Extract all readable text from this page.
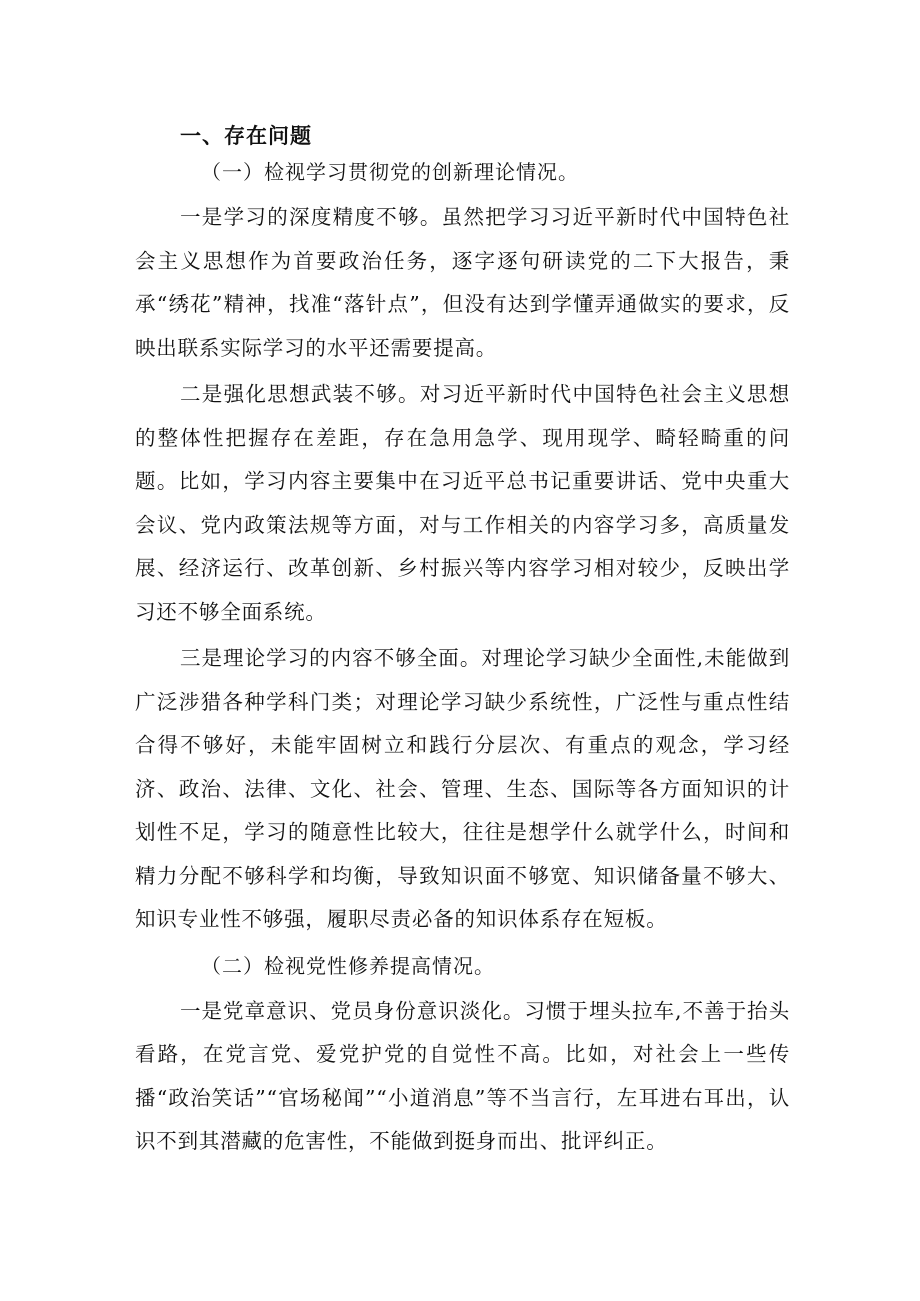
一、存在问题
（一）检视学习贯彻党的创新理论情况。

一是学习的深度精度不够。虽然把学习习近平新时代中国特色社会主义思想作为首要政治任务，逐字逐句研读党的二下大报告，秉承“绣花”精神，找准“落针点”，但没有达到学懂弄通做实的要求，反映出联系实际学习的水平还需要提高。

二是强化思想武装不够。对习近平新时代中国特色社会主义思想的整体性把握存在差距，存在急用急学、现用现学、畸轻畸重的问题。比如，学习内容主要集中在习近平总书记重要讲话、党中央重大会议、党内政策法规等方面，对与工作相关的内容学习多，高质量发展、经济运行、改革创新、乡村振兴等内容学习相对较少，反映出学习还不够全面系统。

三是理论学习的内容不够全面。对理论学习缺少全面性,未能做到广泛涉猎各种学科门类；对理论学习缺少系统性，广泛性与重点性结合得不够好，未能牢固树立和践行分层次、有重点的观念，学习经济、政治、法律、文化、社会、管理、生态、国际等各方面知识的计划性不足，学习的随意性比较大，往往是想学什么就学什么，时间和精力分配不够科学和均衡，导致知识面不够宽、知识储备量不够大、知识专业性不够强，履职尽责必备的知识体系存在短板。

（二）检视党性修养提高情况。

一是党章意识、党员身份意识淡化。习惯于埋头拉车,不善于抬头看路，在党言党、爱党护党的自觉性不高。比如，对社会上一些传播“政治笑话”“官场秘闻”“小道消息”等不当言行，左耳进右耳出，认识不到其潜藏的危害性，不能做到挺身而出、批评纠正。
